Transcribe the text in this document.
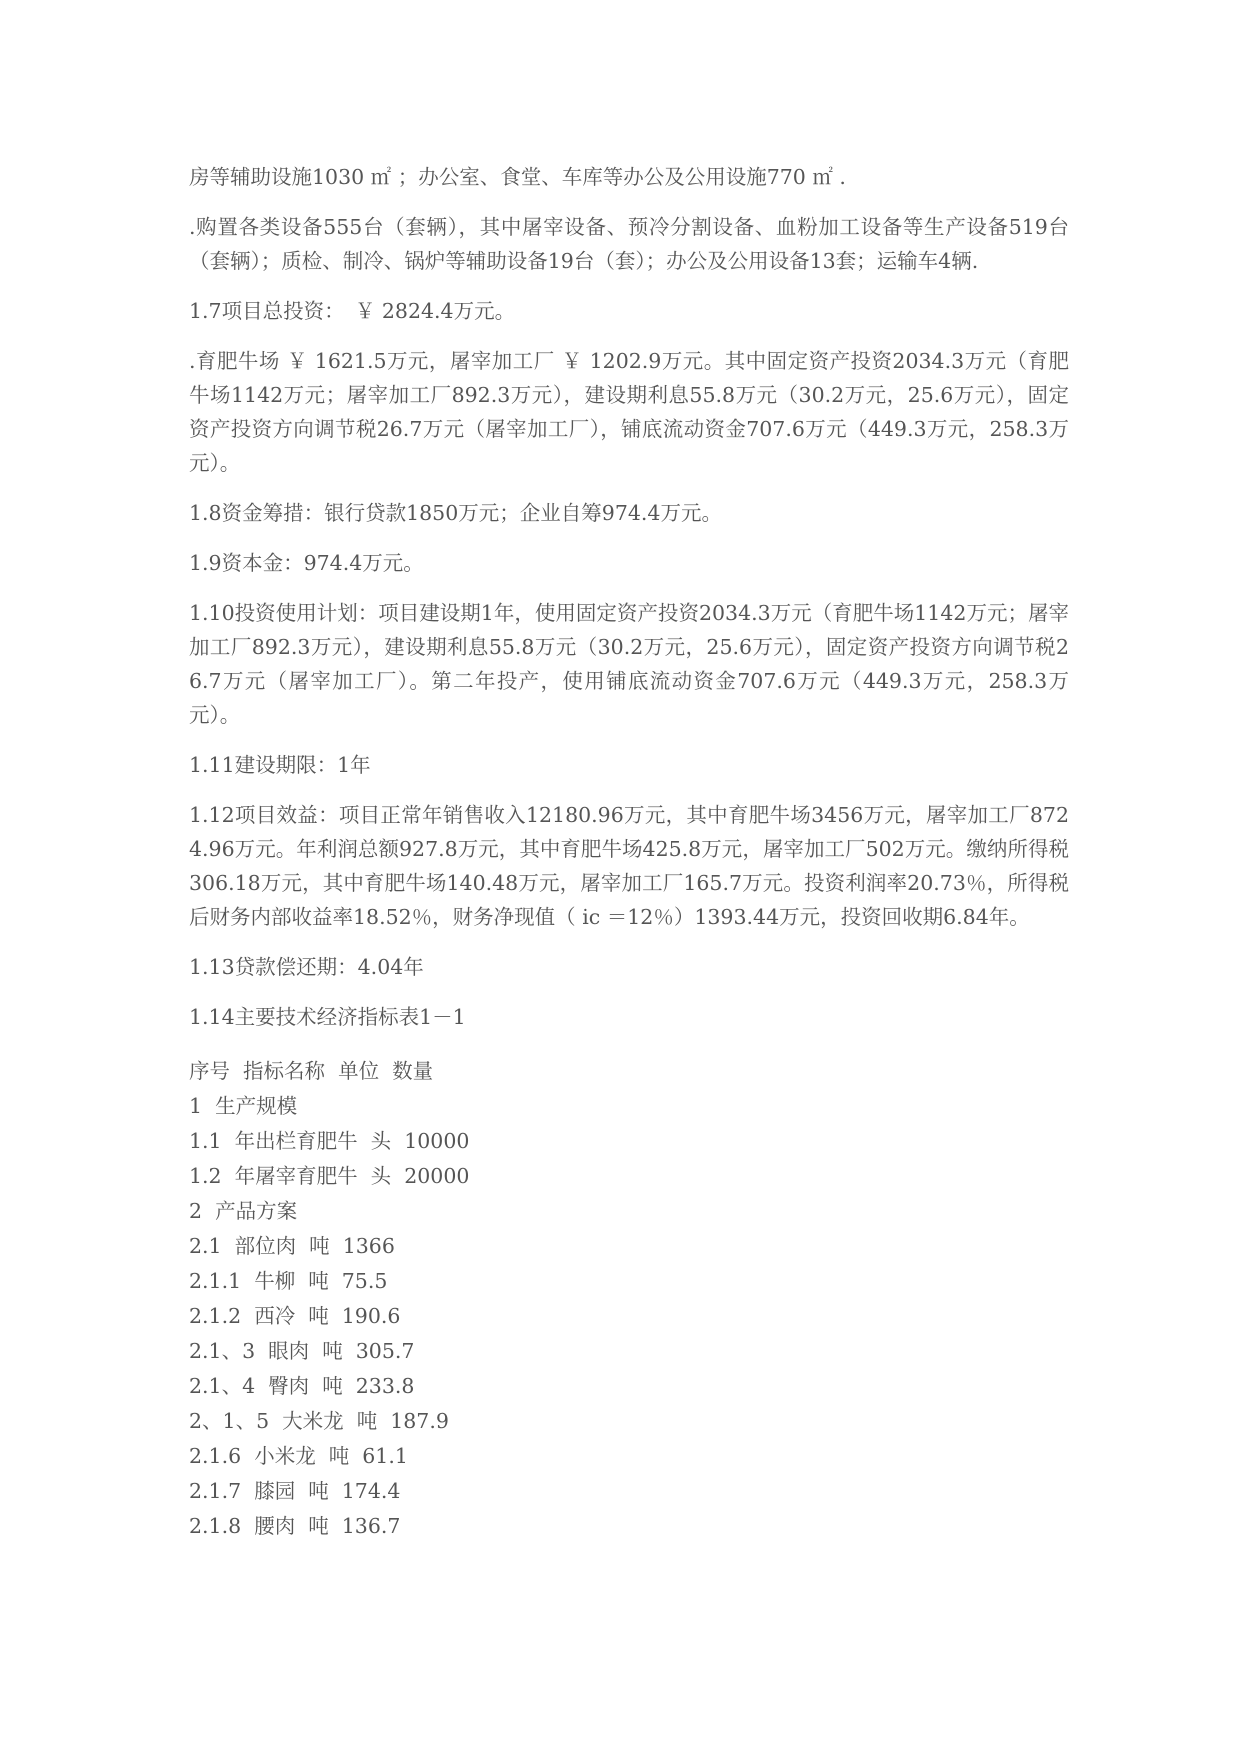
房等辅助设施1030 ㎡ ；办公室、食堂、车库等办公及公用设施770 ㎡ .

.购置各类设备555台（套辆），其中屠宰设备、预冷分割设备、血粉加工设备等生产设备519台（套辆）；质检、制冷、锅炉等辅助设备19台（套）；办公及公用设备13套；运输车4辆.

1.7项目总投资：　￥ 2824.4万元。

.育肥牛场 ￥ 1621.5万元，屠宰加工厂 ￥ 1202.9万元。其中固定资产投资2034.3万元（育肥牛场1142万元；屠宰加工厂892.3万元），建设期利息55.8万元（30.2万元，25.6万元），固定资产投资方向调节税26.7万元（屠宰加工厂），铺底流动资金707.6万元（449.3万元，258.3万元）。

1.8资金筹措：银行贷款1850万元；企业自筹974.4万元。

1.9资本金：974.4万元。

1.10投资使用计划：项目建设期1年，使用固定资产投资2034.3万元（育肥牛场1142万元；屠宰加工厂892.3万元），建设期利息55.8万元（30.2万元，25.6万元），固定资产投资方向调节税26.7万元（屠宰加工厂）。第二年投产，使用铺底流动资金707.6万元（449.3万元，258.3万元）。

1.11建设期限：1年

1.12项目效益：项目正常年销售收入12180.96万元，其中育肥牛场3456万元，屠宰加工厂8724.96万元。年利润总额927.8万元，其中育肥牛场425.8万元，屠宰加工厂502万元。缴纳所得税306.18万元，其中育肥牛场140.48万元，屠宰加工厂165.7万元。投资利润率20.73％，所得税后财务内部收益率18.52％，财务净现值（ ic ＝12％）1393.44万元，投资回收期6.84年。

1.13贷款偿还期：4.04年

1.14主要技术经济指标表1－1

序号  指标名称  单位  数量
1  生产规模
1.1  年出栏育肥牛  头  10000
1.2  年屠宰育肥牛  头  20000
2  产品方案
2.1  部位肉  吨  1366
2.1.1  牛柳  吨  75.5
2.1.2  西冷  吨  190.6
2.1、3  眼肉  吨  305.7
2.1、4  臀肉  吨  233.8
2、1、5  大米龙  吨  187.9
2.1.6  小米龙  吨  61.1
2.1.7  膝园  吨  174.4
2.1.8  腰肉  吨  136.7
